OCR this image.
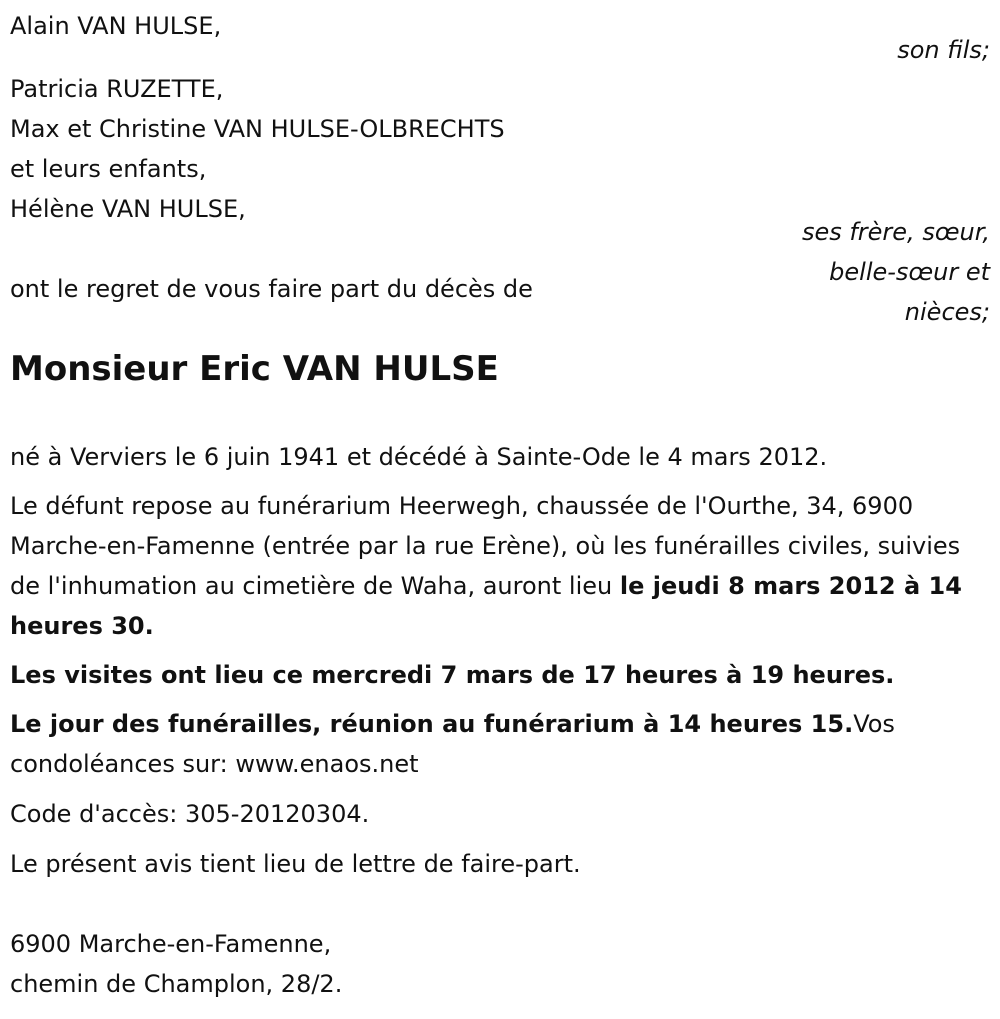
Alain VAN HULSE,
son fils;
Patricia RUZETTE,
Max et Christine VAN HULSE-OLBRECHTS
et leurs enfants,
Hélène VAN HULSE,
ses frère, sœur,
belle-sœur et
nièces;
ont le regret de vous faire part du décès de
Monsieur Eric VAN HULSE
né à Verviers le 6 juin 1941 et décédé à Sainte-Ode le 4 mars 2012.
Le défunt repose au funérarium Heerwegh, chaussée de l'Ourthe, 34, 6900 Marche-en-Famenne (entrée par la rue Erène), où les funérailles civiles, suivies de l'inhumation au cimetière de Waha, auront lieu le jeudi 8 mars 2012 à 14 heures 30.
Les visites ont lieu ce mercredi 7 mars de 17 heures à 19 heures.
Le jour des funérailles, réunion au funérarium à 14 heures 15.Vos condoléances sur: www.enaos.net
Code d'accès: 305-20120304.
Le présent avis tient lieu de lettre de faire-part.
6900 Marche-en-Famenne,
chemin de Champlon, 28/2.
